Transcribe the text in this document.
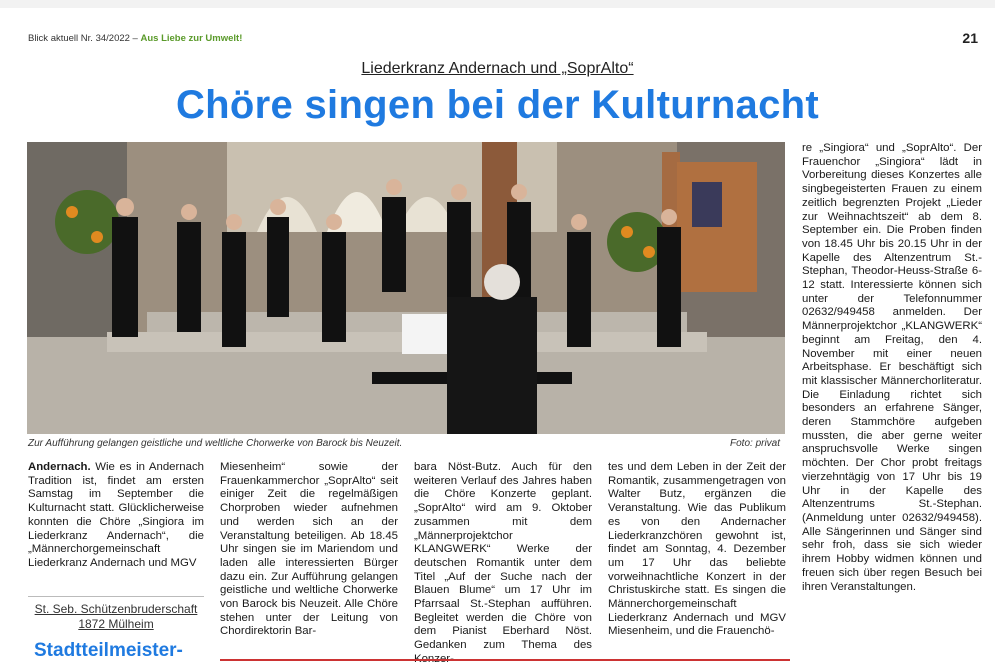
Blick aktuell Nr. 34/2022 – Aus Liebe zur Umwelt!	21
Liederkranz Andernach und „SoprAlto“
Chöre singen bei der Kulturnacht
Zur Aufführung gelangen geistliche und weltliche Chorwerke von Barock bis Neuzeit.	Foto: privat
Andernach. Wie es in Andernach Tradition ist, findet am ersten Samstag im September die Kulturnacht statt. Glücklicherweise konnten die Chöre „Singiora im Liederkranz Andernach“, die „Männerchorgemeinschaft Liederkranz Andernach und MGV
Miesenheim“ sowie der Frauenkammerchor „SoprAlto“ seit einiger Zeit die regelmäßigen Chorproben wieder aufnehmen und werden sich an der Veranstaltung beteiligen. Ab 18.45 Uhr singen sie im Mariendom und laden alle interessierten Bürger dazu ein. Zur Aufführung gelangen geistliche und weltliche Chorwerke von Barock bis Neuzeit. Alle Chöre stehen unter der Leitung von Chordirektorin Bar-
bara Nöst-Butz. Auch für den weiteren Verlauf des Jahres haben die Chöre Konzerte geplant. „SoprAlto“ wird am 9. Oktober zusammen mit dem „Männerprojektchor KLANGWERK“ Werke der deutschen Romantik unter dem Titel „Auf der Suche nach der Blauen Blume“ um 17 Uhr im Pfarrsaal St.-Stephan aufführen. Begleitet werden die Chöre von dem Pianist Eberhard Nöst. Gedanken zum Thema des
tes und dem Leben in der Zeit der Romantik, zusammengetragen von Walter Butz, ergänzen die Veranstaltung. Wie das Publikum es von den Andernacher Liederkranzchören gewohnt ist, findet am Sonntag, 4. Dezember um 17 Uhr das beliebte vorweihnachtliche Konzert in der Christuskirche statt. Es singen die Männerchorgemeinschaft Liederkranz Andernach und MGV Miesenheim, und die Frauenchö-
re „Singiora“ und „SoprAlto“. Der Frauenchor „Singiora“ lädt in Vorbereitung dieses Konzertes alle singbegeisterten Frauen zu einem zeitlich begrenzten Projekt „Lieder zur Weihnachtszeit“ ab dem 8. September ein. Die Proben finden von 18.45 Uhr bis 20.15 Uhr in der Kapelle des Altenzentrum St.-Stephan, Theodor-Heuss-Straße 6-12 statt. Interessierte können sich unter der Telefonnummer 02632/949458 anmelden. Der Männerprojektchor „KLANGWERK“ beginnt am Freitag, den 4. November mit einer neuen Arbeitsphase. Er beschäftigt sich mit klassischer Männerchorliteratur. Die Einladung richtet sich besonders an erfahrene Sänger, deren Stammchöre aufgeben mussten, die aber gerne weiter anspruchsvolle Werke singen möchten. Der Chor probt freitags vierzehntägig von 17 Uhr bis 19 Uhr in der Kapelle des Altenzentrums St.-Stephan. (Anmeldung unter 02632/949458). Alle Sängerinnen und Sänger sind sehr froh, dass sie sich wieder ihrem Hobby widmen können und freuen sich über regen Besuch bei ihren Veranstaltungen.
St. Seb. Schützenbruderschaft
1872 Mülheim
Stadtteilmeister-
